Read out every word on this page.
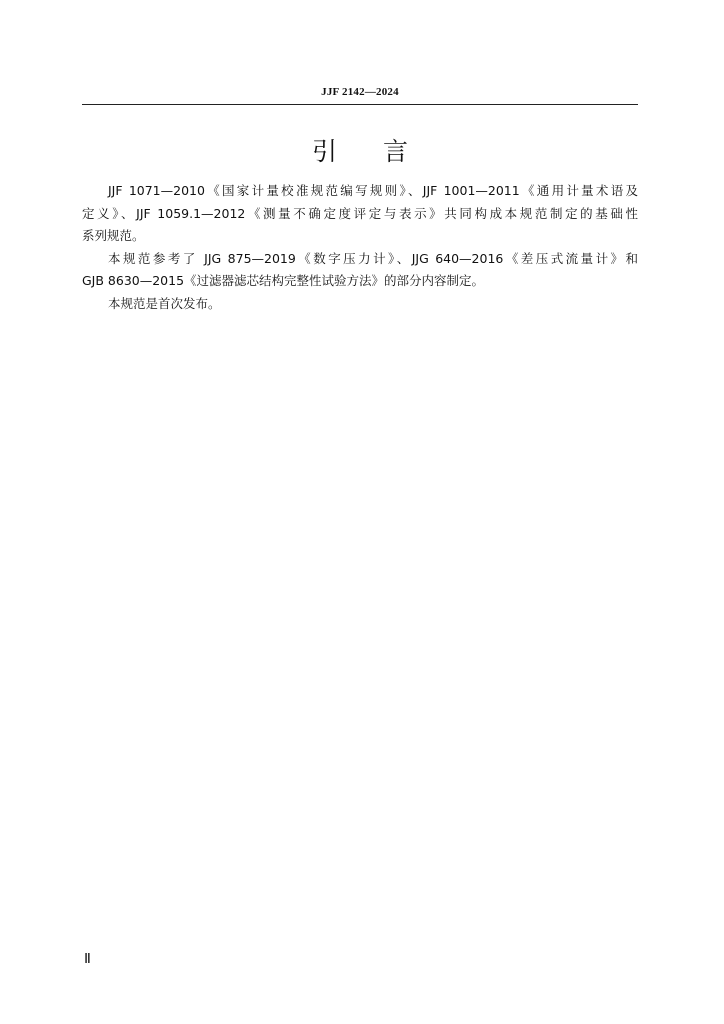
JJF 2142—2024
引言
JJF 1071—2010《国家计量校准规范编写规则》、JJF 1001—2011《通用计量术语及
定义》、JJF 1059.1—2012《测量不确定度评定与表示》共同构成本规范制定的基础性
系列规范。
本规范参考了 JJG 875—2019《数字压力计》、JJG 640—2016《差压式流量计》和
GJB 8630—2015《过滤器滤芯结构完整性试验方法》的部分内容制定。
本规范是首次发布。
Ⅱ
